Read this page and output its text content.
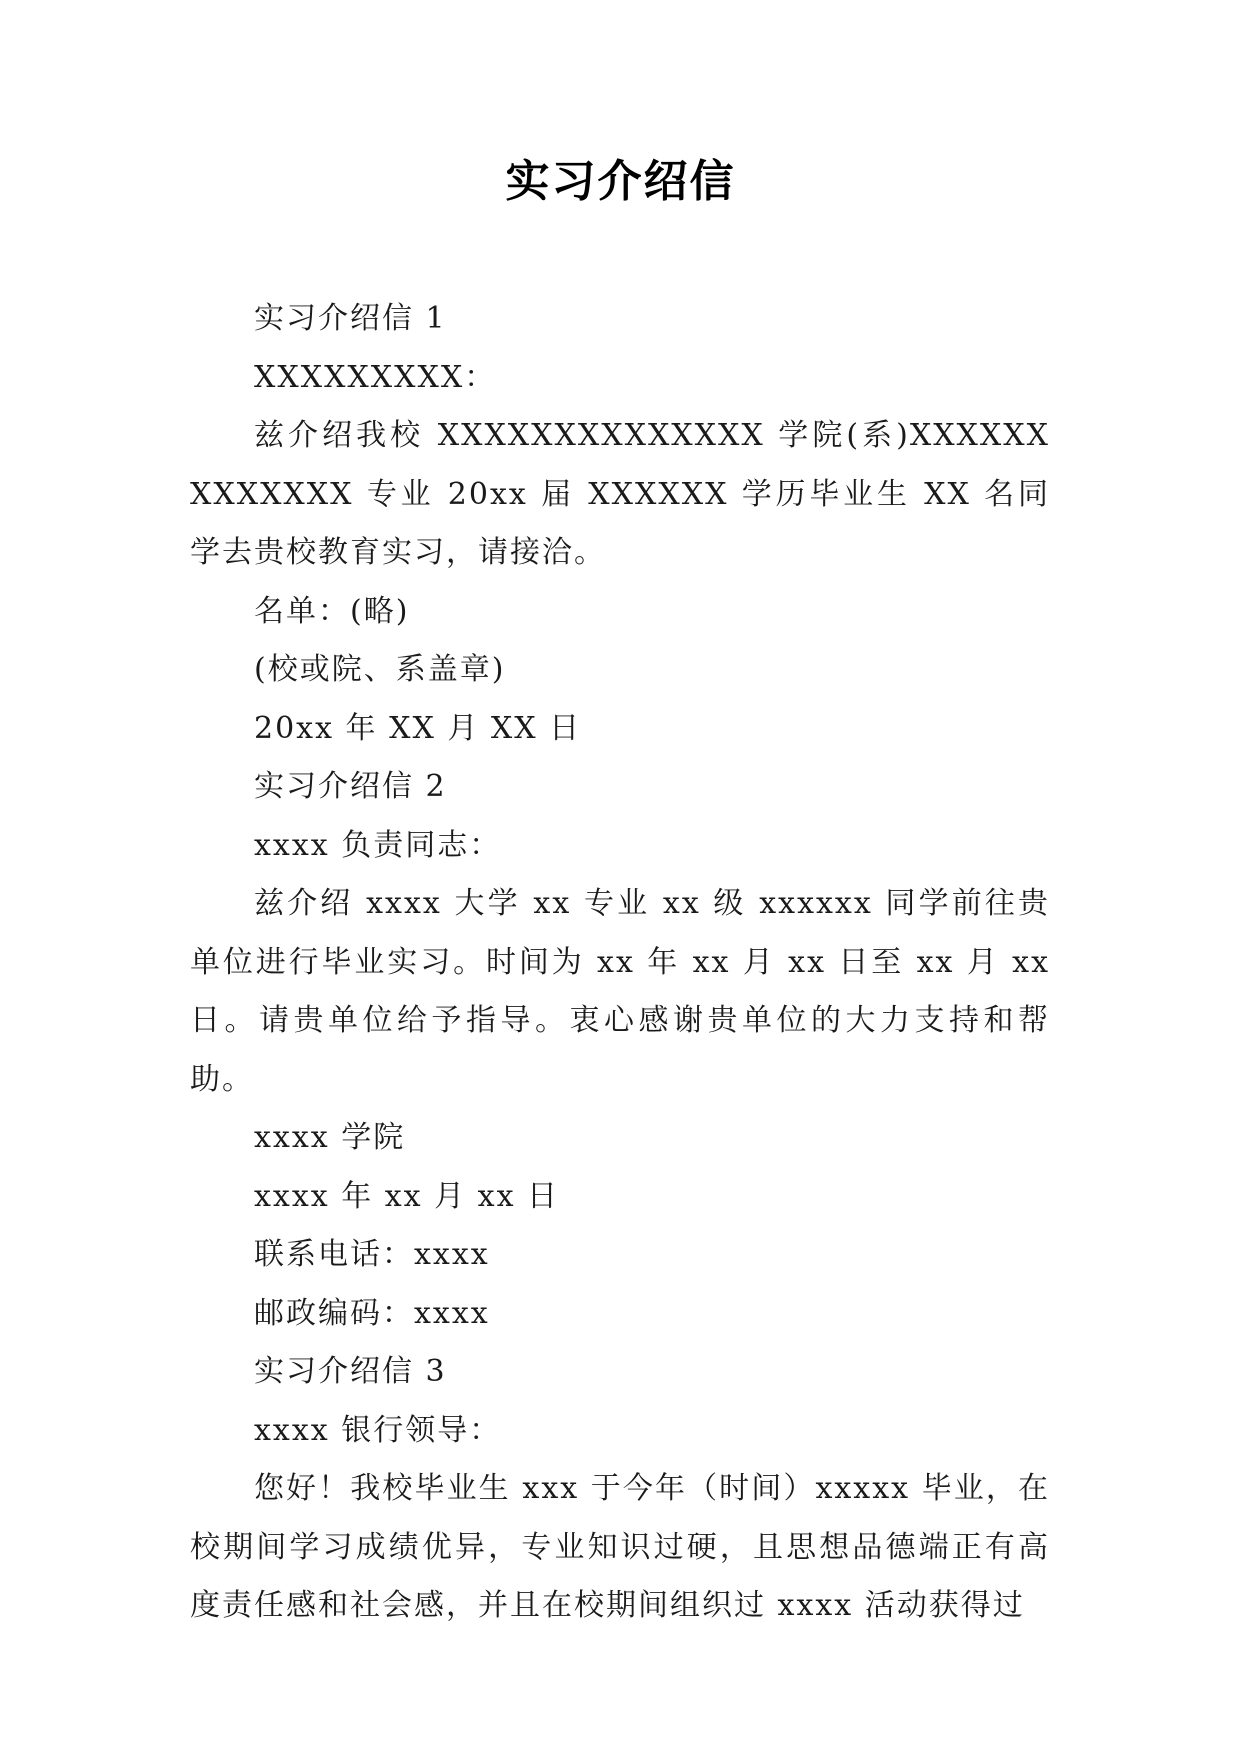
实习介绍信

实习介绍信 1

XXXXXXXXX：

兹介绍我校 XXXXXXXXXXXXXX 学院(系)XXXXXXXXXXXXX 专业 20xx 届 XXXXXX 学历毕业生 XX 名同学去贵校教育实习，请接洽。

名单：(略)

(校或院、系盖章)

20xx 年 XX 月 XX 日

实习介绍信 2

xxxx 负责同志：

兹介绍 xxxx 大学 xx 专业 xx 级 xxxxxx 同学前往贵单位进行毕业实习。时间为 xx 年 xx 月 xx 日至 xx 月 xx 日。请贵单位给予指导。衷心感谢贵单位的大力支持和帮助。

xxxx 学院

xxxx 年 xx 月 xx 日

联系电话：xxxx

邮政编码：xxxx

实习介绍信 3

xxxx 银行领导：

您好！我校毕业生 xxx 于今年（时间）xxxxx 毕业，在校期间学习成绩优异，专业知识过硬，且思想品德端正有高度责任感和社会感，并且在校期间组织过 xxxx 活动获得过
